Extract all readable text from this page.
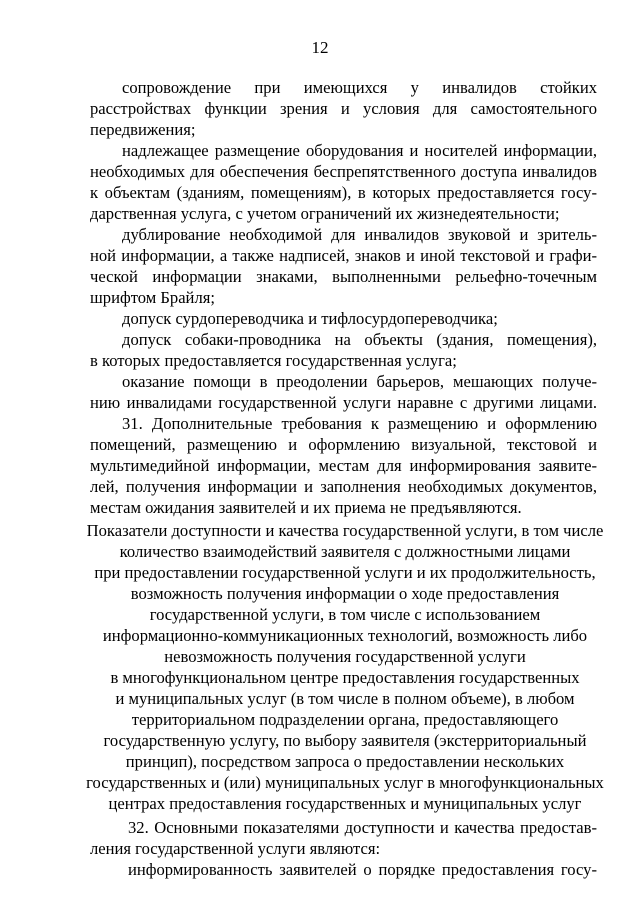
12
сопровождение при имеющихся у инвалидов стойких
расстройствах функции зрения и условия для самостоятельного
передвижения;
надлежащее размещение оборудования и носителей информации,
необходимых для обеспечения беспрепятственного доступа инвалидов
к объектам (зданиям, помещениям), в которых предоставляется госу-
дарственная услуга, с учетом ограничений их жизнедеятельности;
дублирование необходимой для инвалидов звуковой и зритель-
ной информации, а также надписей, знаков и иной текстовой и графи-
ческой информации знаками, выполненными рельефно-точечным
шрифтом Брайля;
допуск сурдопереводчика и тифлосурдопереводчика;
допуск собаки-проводника на объекты (здания, помещения),
в которых предоставляется государственная услуга;
оказание помощи в преодолении барьеров, мешающих получе-
нию инвалидами государственной услуги наравне с другими лицами.
31. Дополнительные требования к размещению и оформлению
помещений, размещению и оформлению визуальной, текстовой и
мультимедийной информации, местам для информирования заявите-
лей, получения информации и заполнения необходимых документов,
местам ожидания заявителей и их приема не предъявляются.
Показатели доступности и качества государственной услуги, в том числе
количество взаимодействий заявителя с должностными лицами
при предоставлении государственной услуги и их продолжительность,
возможность получения информации о ходе предоставления
государственной услуги, в том числе с использованием
информационно-коммуникационных технологий, возможность либо
невозможность получения государственной услуги
в многофункциональном центре предоставления государственных
и муниципальных услуг (в том числе в полном объеме), в любом
территориальном подразделении органа, предоставляющего
государственную услугу, по выбору заявителя (экстерриториальный
принцип), посредством запроса о предоставлении нескольких
государственных и (или) муниципальных услуг в многофункциональных
центрах предоставления государственных и муниципальных услуг
32. Основными показателями доступности и качества предостав-
ления государственной услуги являются:
информированность заявителей о порядке предоставления госу-
